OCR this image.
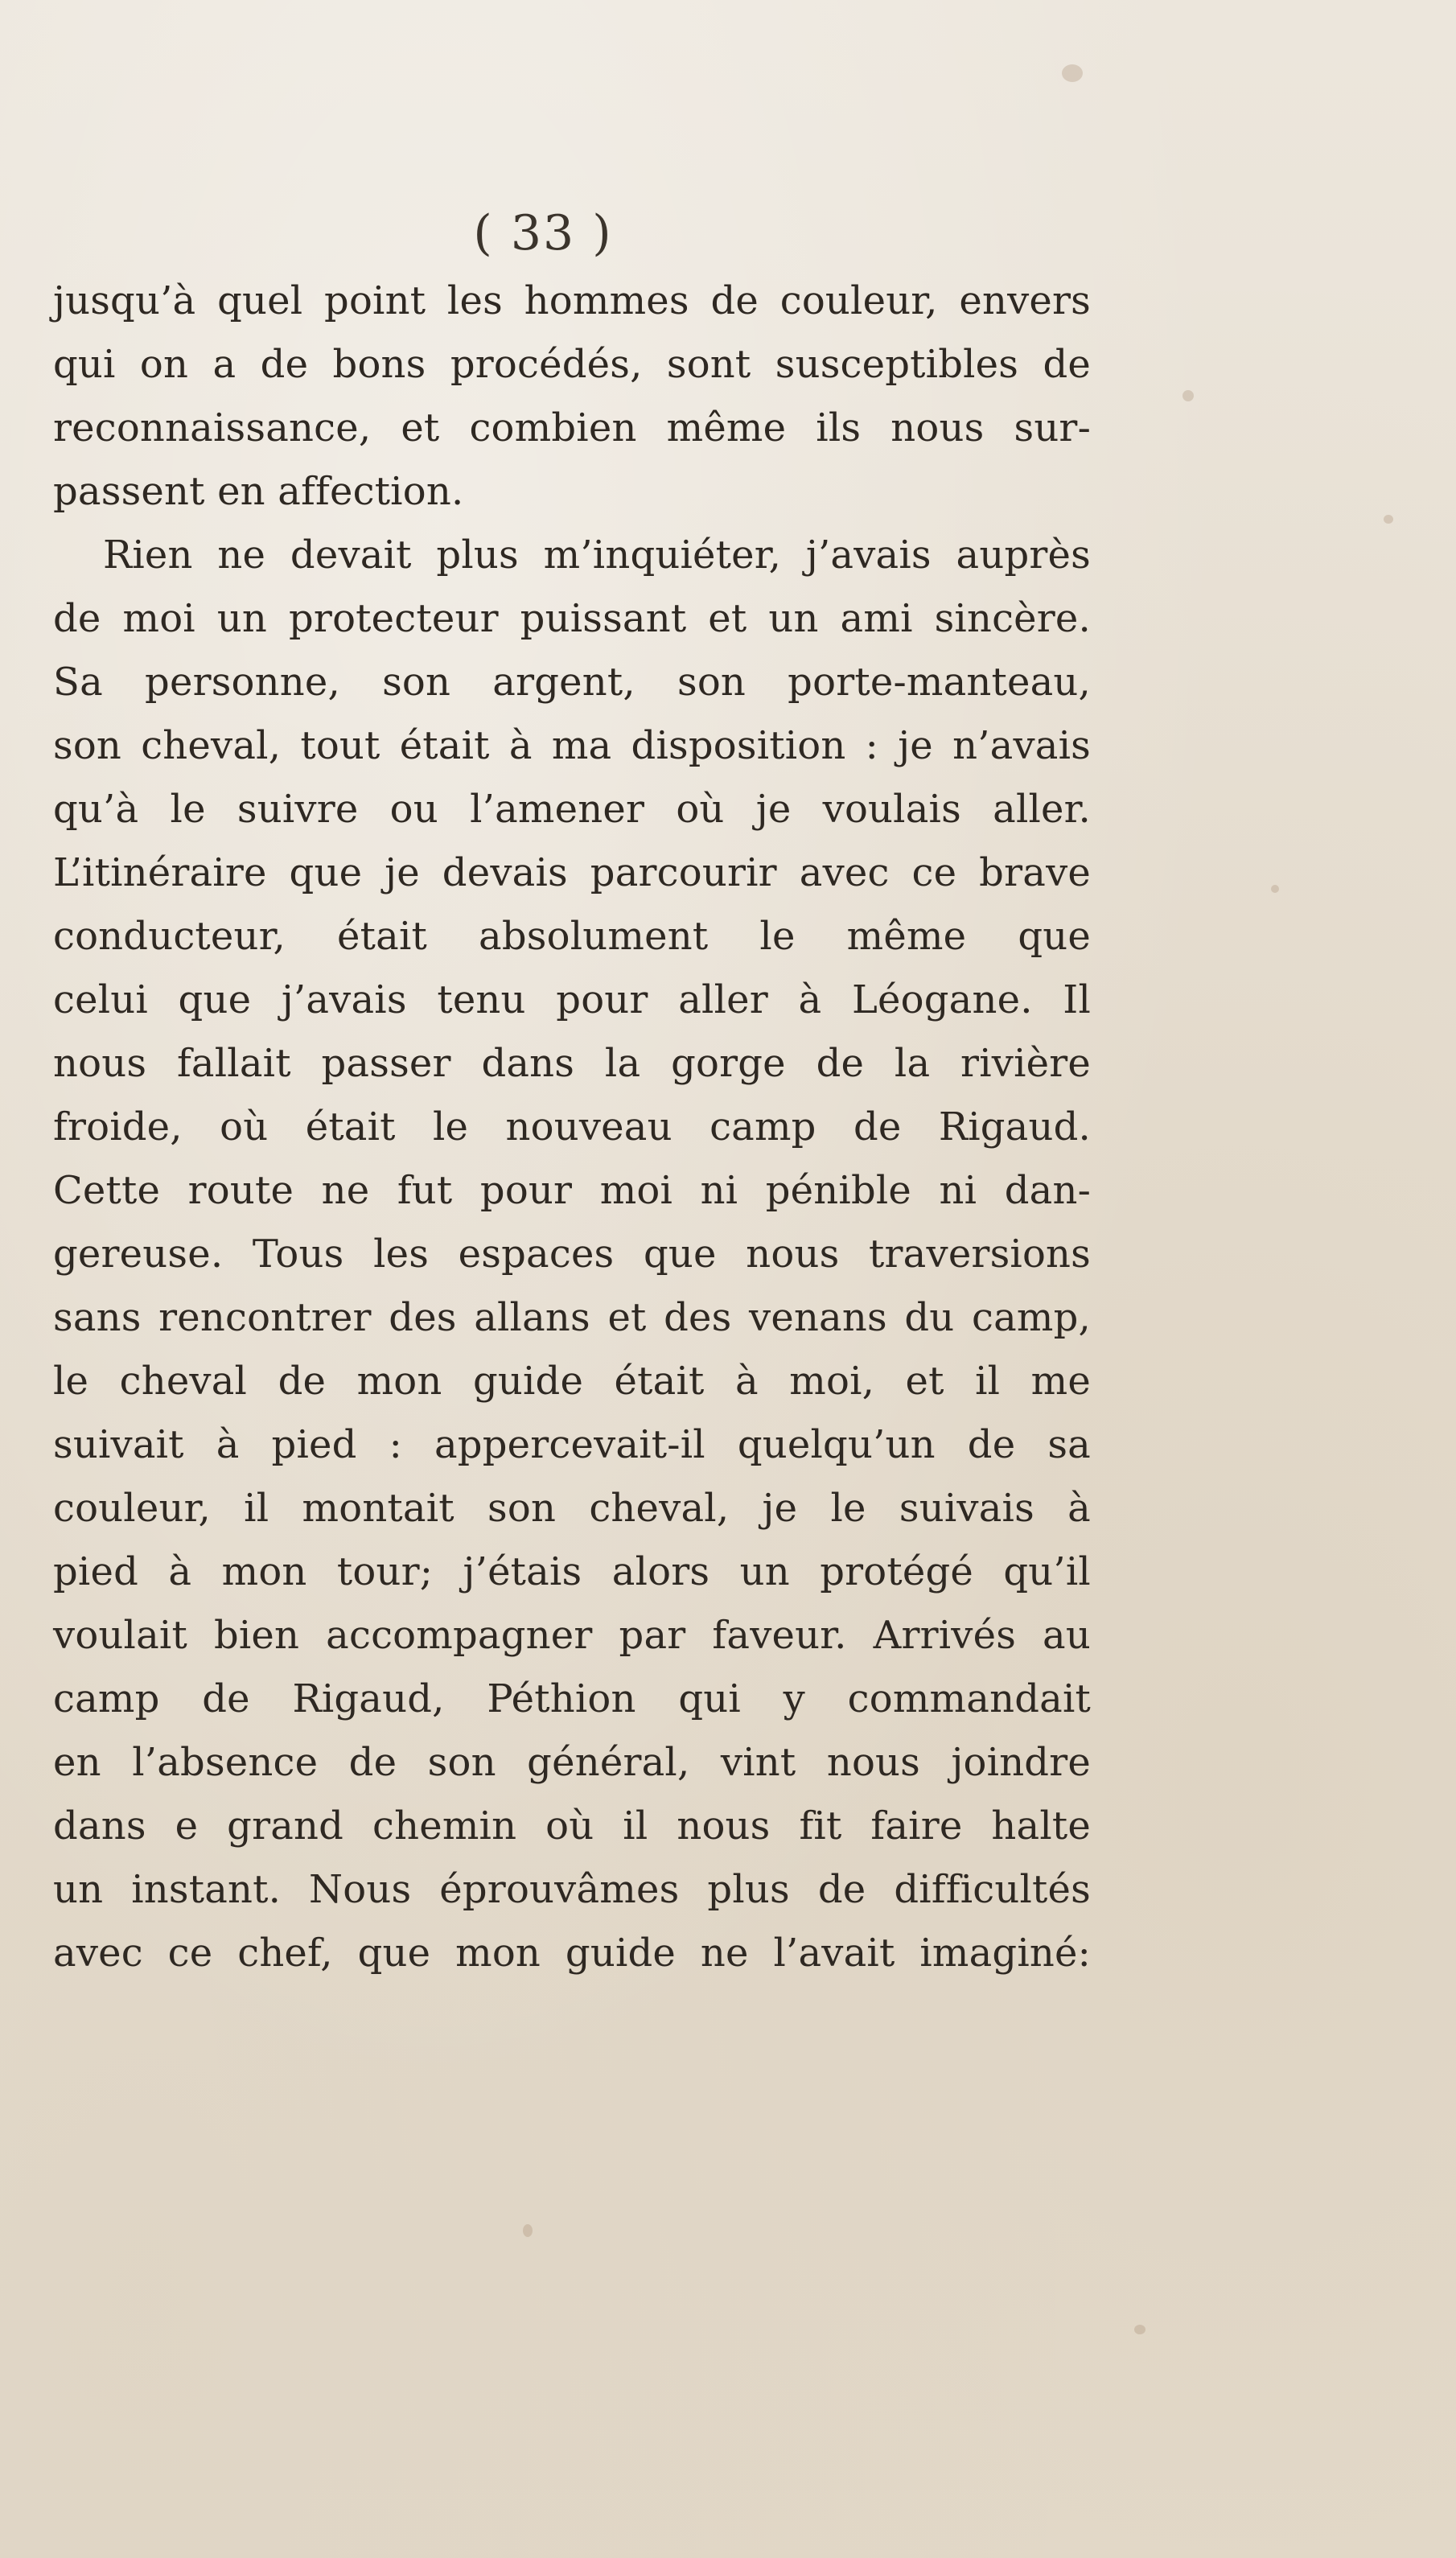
( 33 )
jusqu’à quel point les hommes de couleur, envers
qui on a de bons procédés, sont susceptibles de
reconnaissance, et combien même ils nous sur-
passent en affection.
Rien ne devait plus m’inquiéter, j’avais auprès
de moi un protecteur puissant et un ami sincère.
Sa personne, son argent, son porte-manteau,
son cheval, tout était à ma disposition : je n’avais
qu’à le suivre ou l’amener où je voulais aller.
L’itinéraire que je devais parcourir avec ce brave
conducteur, était absolument le même que
celui que j’avais tenu pour aller à Léogane. Il
nous fallait passer dans la gorge de la rivière
froide, où était le nouveau camp de Rigaud.
Cette route ne fut pour moi ni pénible ni dan-
gereuse. Tous les espaces que nous traversions
sans rencontrer des allans et des venans du camp,
le cheval de mon guide était à moi, et il me
suivait à pied : appercevait-il quelqu’un de sa
couleur, il montait son cheval, je le suivais à
pied à mon tour; j’étais alors un protégé qu’il
voulait bien accompagner par faveur. Arrivés au
camp de Rigaud, Péthion qui y commandait
en l’absence de son général, vint nous joindre
dans e grand chemin où il nous fit faire halte
un instant. Nous éprouvâmes plus de difficultés
avec ce chef, que mon guide ne l’avait imaginé:
